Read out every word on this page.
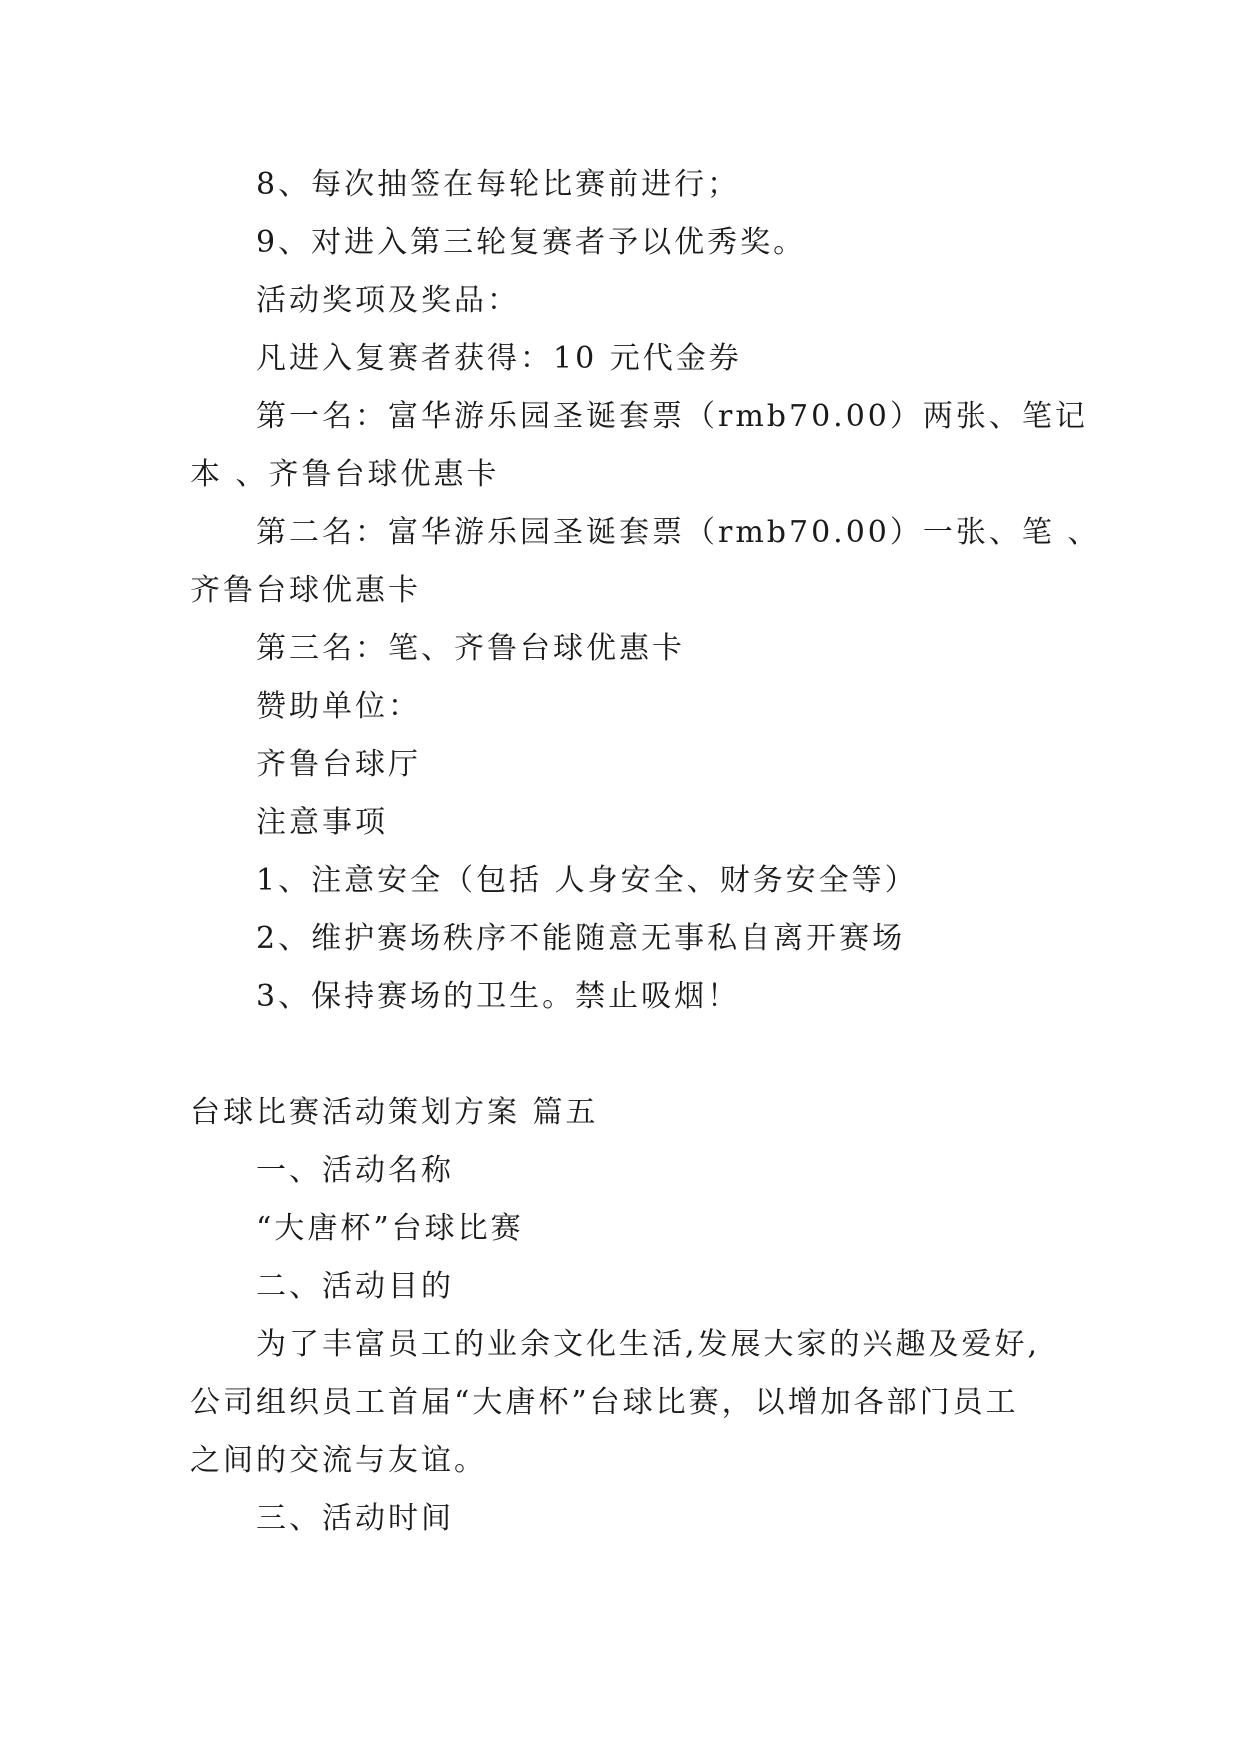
8、每次抽签在每轮比赛前进行；
9、对进入第三轮复赛者予以优秀奖。
活动奖项及奖品：
凡进入复赛者获得：10 元代金券
第一名：富华游乐园圣诞套票（rmb70.00）两张、笔记
本 、齐鲁台球优惠卡
第二名：富华游乐园圣诞套票（rmb70.00）一张、笔 、
齐鲁台球优惠卡
第三名：笔、齐鲁台球优惠卡
赞助单位：
齐鲁台球厅
注意事项
1、注意安全（包括 人身安全、财务安全等）
2、维护赛场秩序不能随意无事私自离开赛场
3、保持赛场的卫生。禁止吸烟！
台球比赛活动策划方案 篇五
一、活动名称
“大唐杯”台球比赛
二、活动目的
为了丰富员工的业余文化生活,发展大家的兴趣及爱好,
公司组织员工首届“大唐杯”台球比赛，以增加各部门员工
之间的交流与友谊。
三、活动时间
